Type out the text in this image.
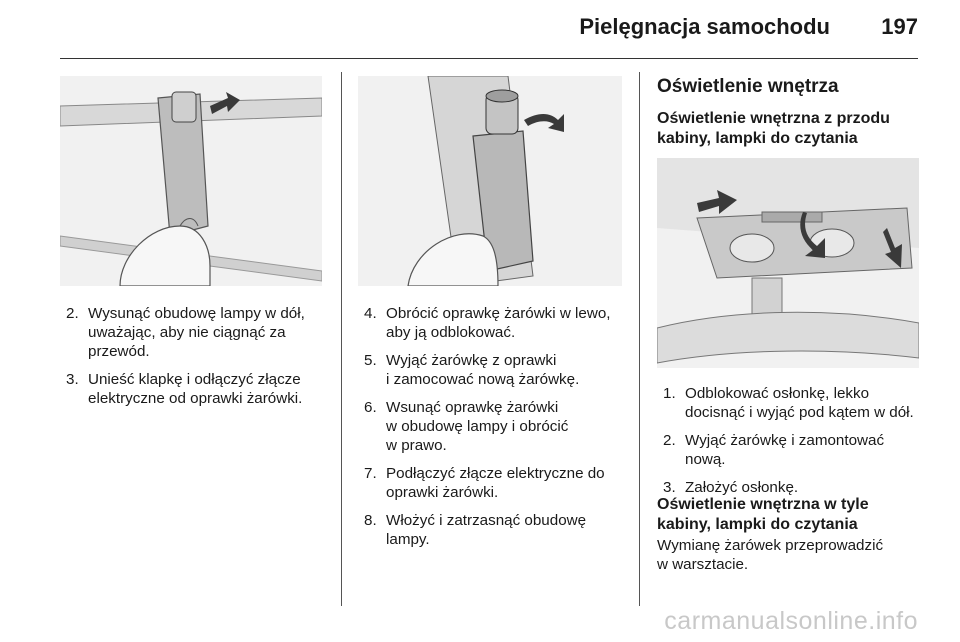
Pielęgnacja samochodu 197
2. Wysunąć obudowę lampy w dół,
uważając, aby nie ciągnąć za
przewód.
3. Unieść klapkę i odłączyć złącze
elektryczne od oprawki żarówki.
4. Obrócić oprawkę żarówki w lewo,
aby ją odblokować.
5. Wyjąć żarówkę z oprawki
i zamocować nową żarówkę.
6. Wsunąć oprawkę żarówki
w obudowę lampy i obrócić
w prawo.
7. Podłączyć złącze elektryczne do
oprawki żarówki.
8. Włożyć i zatrzasnąć obudowę
lampy.
Oświetlenie wnętrza
Oświetlenie wnętrzna z przodu
kabiny, lampki do czytania
1. Odblokować osłonkę, lekko
docisnąć i wyjąć pod kątem w dół.
2. Wyjąć żarówkę i zamontować
nową.
3. Założyć osłonkę.
Oświetlenie wnętrzna w tyle
kabiny, lampki do czytania
Wymianę żarówek przeprowadzić
w warsztacie.
carmanualsonline.info
